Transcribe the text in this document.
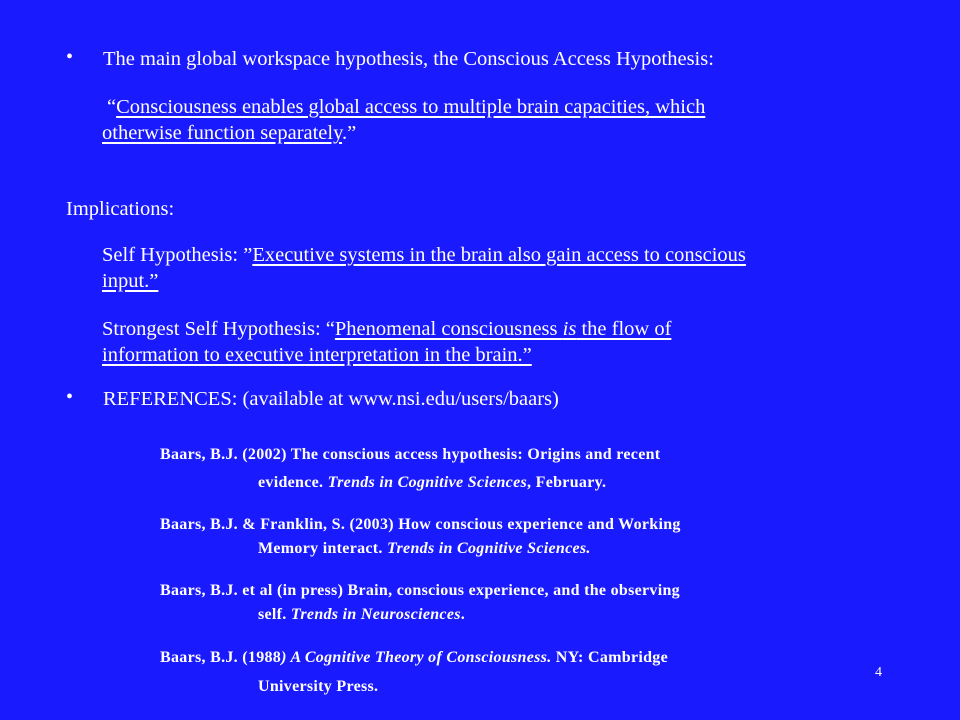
• The main global workspace hypothesis, the Conscious Access Hypothesis:
“Consciousness enables global access to multiple brain capacities, which
otherwise function separately.”
Implications:
Self Hypothesis: ”Executive systems in the brain also gain access to conscious
input.”
Strongest Self Hypothesis: “Phenomenal consciousness is the flow of
information to executive interpretation in the brain.”
• REFERENCES: (available at www.nsi.edu/users/baars)
Baars, B.J. (2002) The conscious access hypothesis: Origins and recent
evidence. Trends in Cognitive Sciences, February.
Baars, B.J. & Franklin, S. (2003) How conscious experience and Working
Memory interact. Trends in Cognitive Sciences.
Baars, B.J. et al (in press) Brain, conscious experience, and the observing
self. Trends in Neurosciences.
Baars, B.J. (1988) A Cognitive Theory of Consciousness. NY: Cambridge
University Press.
4
